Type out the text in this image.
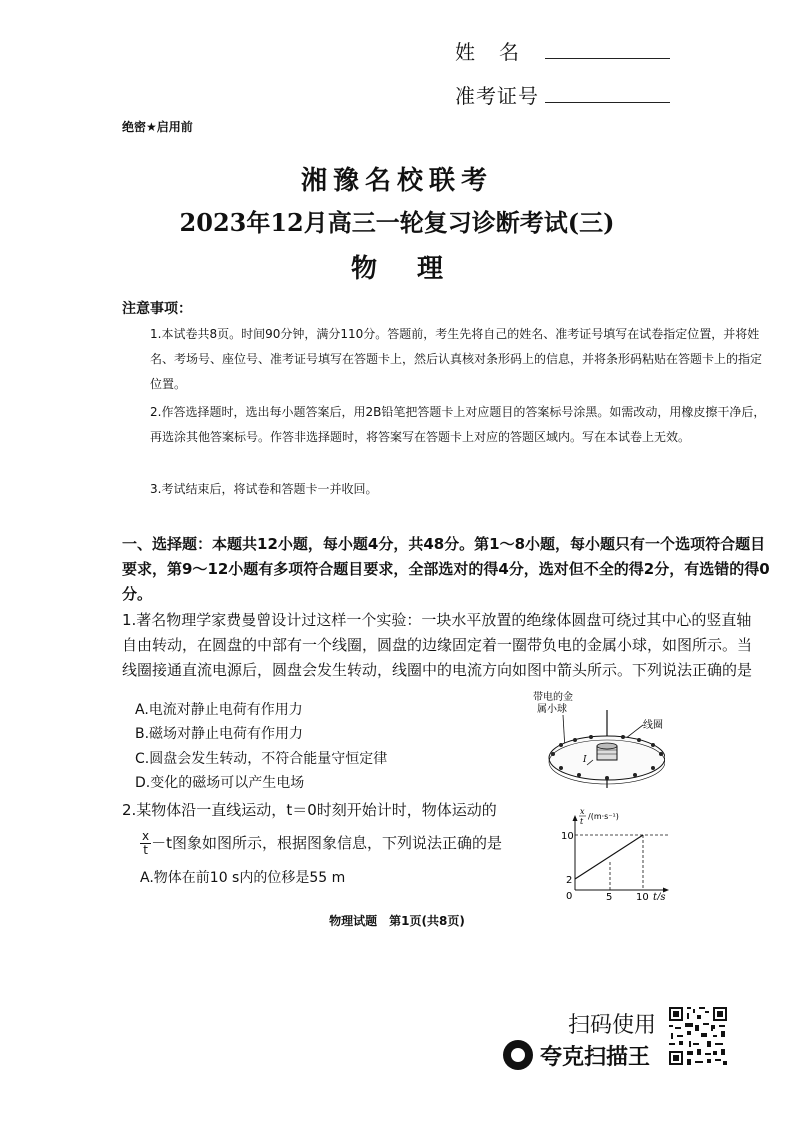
姓　名
准考证号
绝密★启用前
湘豫名校联考
2023年12月高三一轮复习诊断考试(三)
物理
注意事项：
1.本试卷共8页。时间90分钟，满分110分。答题前，考生先将自己的姓名、准考证号填写在试卷指定位置，并将姓名、考场号、座位号、准考证号填写在答题卡上，然后认真核对条形码上的信息，并将条形码粘贴在答题卡上的指定位置。
2.作答选择题时，选出每小题答案后，用2B铅笔把答题卡上对应题目的答案标号涂黑。如需改动，用橡皮擦干净后，再选涂其他答案标号。作答非选择题时，将答案写在答题卡上对应的答题区域内。写在本试卷上无效。
3.考试结束后，将试卷和答题卡一并收回。
一、选择题：本题共12小题，每小题4分，共48分。第1～8小题，每小题只有一个选项符合题目要求，第9～12小题有多项符合题目要求，全部选对的得4分，选对但不全的得2分，有选错的得0分。
1.著名物理学家费曼曾设计过这样一个实验：一块水平放置的绝缘体圆盘可绕过其中心的竖直轴自由转动，在圆盘的中部有一个线圈，圆盘的边缘固定着一圈带负电的金属小球，如图所示。当线圈接通直流电源后，圆盘会发生转动，线圈中的电流方向如图中箭头所示。下列说法正确的是
A.电流对静止电荷有作用力
B.磁场对静止电荷有作用力
C.圆盘会发生转动，不符合能量守恒定律
D.变化的磁场可以产生电场
带电的金
属小球
线圈
I
2.某物体沿一直线运动，t＝0时刻开始计时，物体运动的
$\frac{x}{t} -t$图象如图所示，根据图象信息，下列说法正确的是
A.物体在前10 s内的位移是55 m
x
t
/(m·s⁻¹)
10
2
0	5 10 t/s
物理试题　第1页(共8页)
扫码使用
夸克扫描王
